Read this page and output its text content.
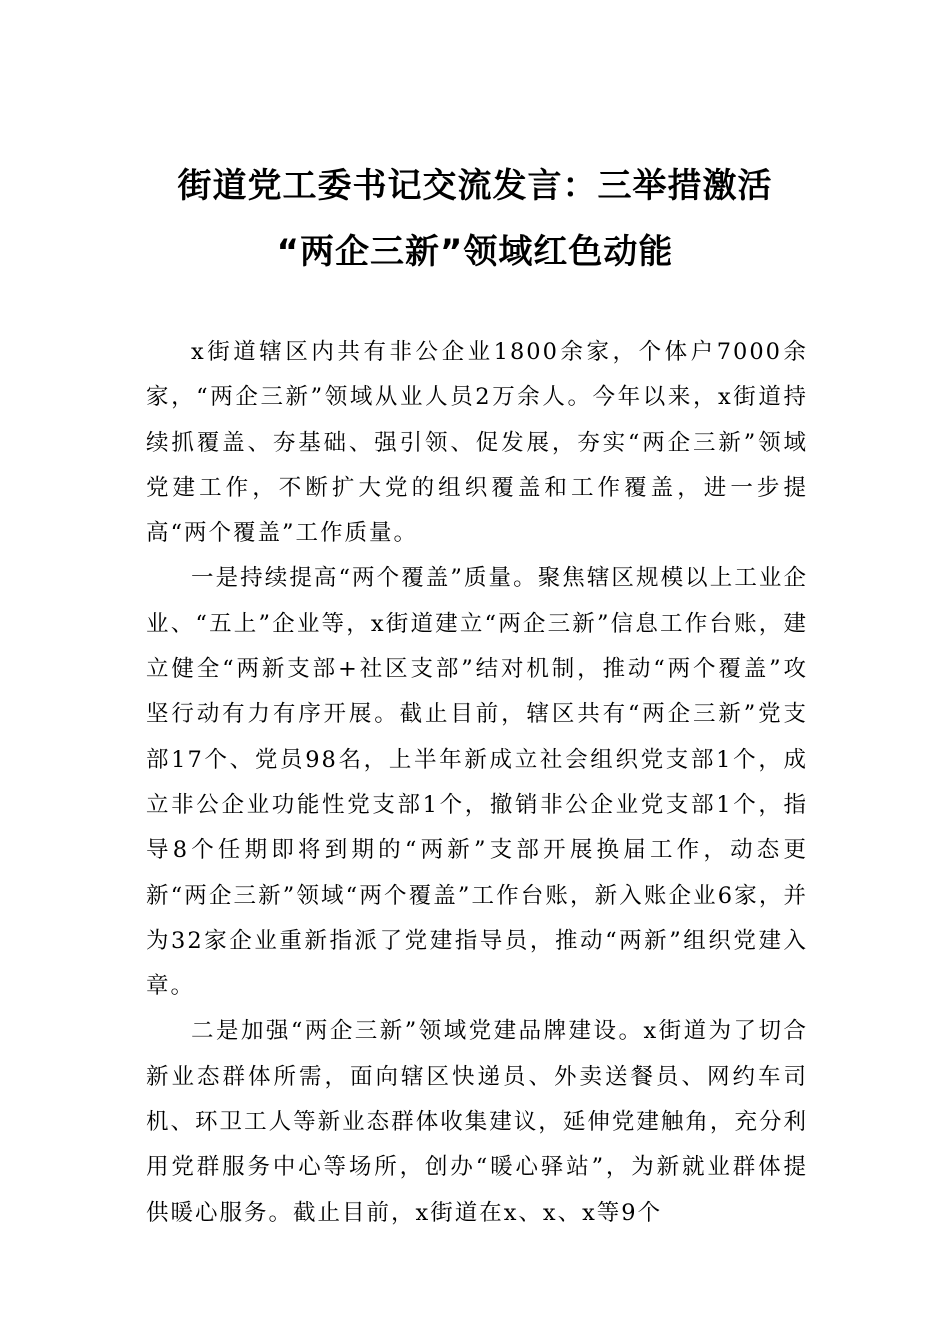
街道党工委书记交流发言：三举措激活
“两企三新”领域红色动能

x街道辖区内共有非公企业1800余家，个体户7000余家，“两企三新”领域从业人员2万余人。今年以来，x街道持续抓覆盖、夯基础、强引领、促发展，夯实“两企三新”领域党建工作，不断扩大党的组织覆盖和工作覆盖，进一步提高“两个覆盖”工作质量。

一是持续提高“两个覆盖”质量。聚焦辖区规模以上工业企业、“五上”企业等，x街道建立“两企三新”信息工作台账，建立健全“两新支部+社区支部”结对机制，推动“两个覆盖”攻坚行动有力有序开展。截止目前，辖区共有“两企三新”党支部17个、党员98名，上半年新成立社会组织党支部1个，成立非公企业功能性党支部1个，撤销非公企业党支部1个，指导8个任期即将到期的“两新”支部开展换届工作，动态更新“两企三新”领域“两个覆盖”工作台账，新入账企业6家，并为32家企业重新指派了党建指导员，推动“两新”组织党建入章。

二是加强“两企三新”领域党建品牌建设。x街道为了切合新业态群体所需，面向辖区快递员、外卖送餐员、网约车司机、环卫工人等新业态群体收集建议，延伸党建触角，充分利用党群服务中心等场所，创办“暖心驿站”，为新就业群体提供暖心服务。截止目前，x街道在x、x、x等9个
